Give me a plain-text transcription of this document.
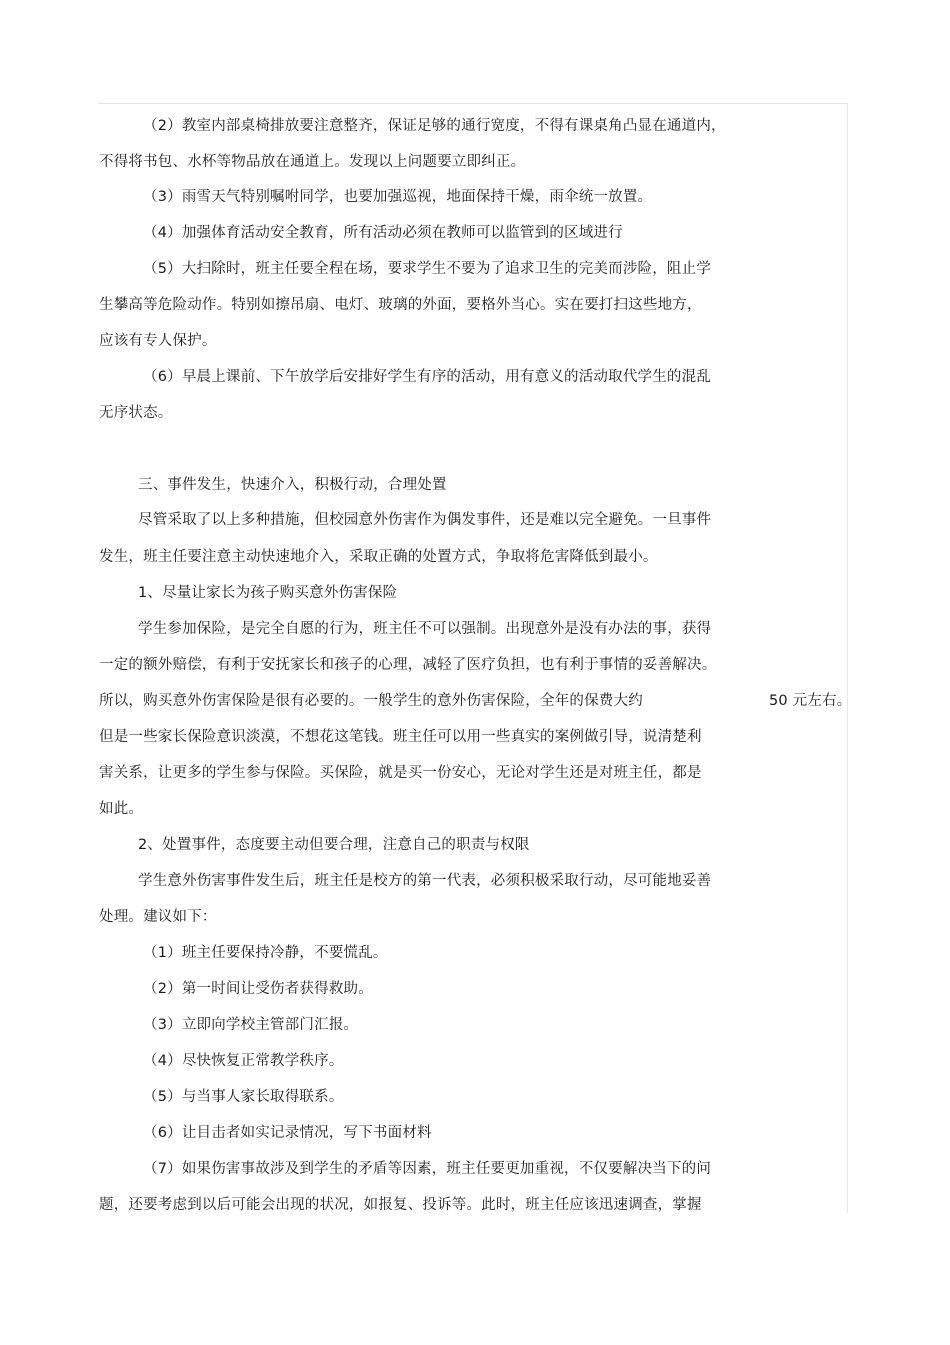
（2）教室内部桌椅排放要注意整齐，保证足够的通行宽度，不得有课桌角凸显在通道内，

不得将书包、水杯等物品放在通道上。发现以上问题要立即纠正。

（3）雨雪天气特别嘱咐同学，也要加强巡视，地面保持干燥，雨伞统一放置。

（4）加强体育活动安全教育，所有活动必须在教师可以监管到的区域进行

（5）大扫除时，班主任要全程在场，要求学生不要为了追求卫生的完美而涉险，阻止学

生攀高等危险动作。特别如擦吊扇、电灯、玻璃的外面，要格外当心。实在要打扫这些地方，

应该有专人保护。

（6）早晨上课前、下午放学后安排好学生有序的活动，用有意义的活动取代学生的混乱

无序状态。

三、事件发生，快速介入，积极行动，合理处置

尽管采取了以上多种措施，但校园意外伤害作为偶发事件，还是难以完全避免。一旦事件

发生，班主任要注意主动快速地介入，采取正确的处置方式，争取将危害降低到最小。

1、尽量让家长为孩子购买意外伤害保险

学生参加保险，是完全自愿的行为，班主任不可以强制。出现意外是没有办法的事，获得

一定的额外赔偿，有利于安抚家长和孩子的心理，减轻了医疗负担，也有利于事情的妥善解决。

所以，购买意外伤害保险是很有必要的。一般学生的意外伤害保险，全年的保费大约	50 元左右。

但是一些家长保险意识淡漠，不想花这笔钱。班主任可以用一些真实的案例做引导，说清楚利

害关系，让更多的学生参与保险。买保险，就是买一份安心，无论对学生还是对班主任，都是

如此。

2、处置事件，态度要主动但要合理，注意自己的职责与权限

学生意外伤害事件发生后，班主任是校方的第一代表，必须积极采取行动，尽可能地妥善

处理。建议如下：

（1）班主任要保持冷静，不要慌乱。

（2）第一时间让受伤者获得救助。

（3）立即向学校主管部门汇报。

（4）尽快恢复正常教学秩序。

（5）与当事人家长取得联系。

（6）让目击者如实记录情况，写下书面材料

（7）如果伤害事故涉及到学生的矛盾等因素，班主任要更加重视，不仅要解决当下的问

题，还要考虑到以后可能会出现的状况，如报复、投诉等。此时，班主任应该迅速调查，掌握
